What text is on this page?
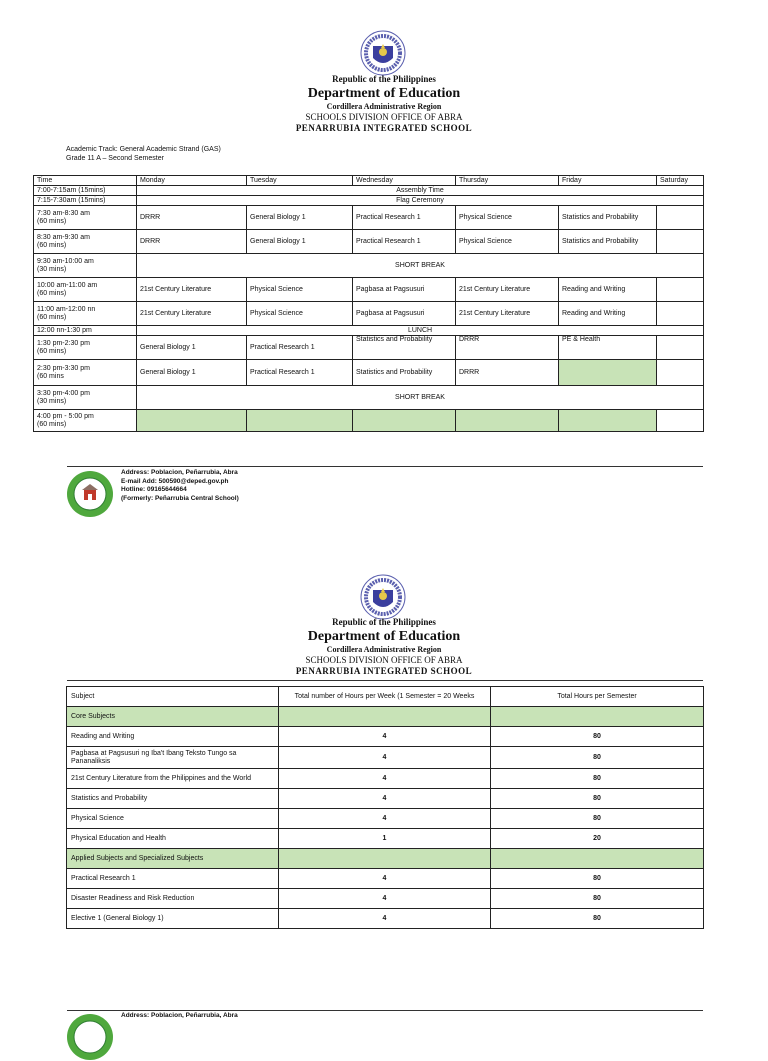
Republic of the Philippines
Department of Education
Cordillera Administrative Region
SCHOOLS DIVISION OFFICE OF ABRA
PENARRUBIA INTEGRATED SCHOOL
Academic Track: General Academic Strand (GAS)
Grade 11 A – Second Semester
Time	Monday	Tuesday	Wednesday	Thursday	Friday	Saturday

7:00-7:15am (15mins)	Assembly Time					

7:15-7:30am (15mins)	Flag Ceremony					

7:30 am-8:30 am
(60 mins)	DRRR	General Biology 1	Practical Research 1	Physical Science	Statistics and Probability	

8:30 am-9:30 am
(60 mins)	DRRR	General Biology 1	Practical Research 1	Physical Science	Statistics and Probability	

9:30 am-10:00 am
(30 mins)	SHORT BREAK					

10:00 am-11:00 am
(60 mins)	21st Century Literature	Physical Science	Pagbasa at Pagsusuri	21st Century Literature	Reading and Writing	

11:00 am-12:00 nn
(60 mins)	21st Century Literature	Physical Science	Pagbasa at Pagsusuri	21st Century Literature	Reading and Writing	

12:00 nn-1:30 pm	LUNCH					

1:30 pm-2:30 pm
(60 mins)	General Biology 1	Practical Research 1	Statistics and Probability	DRRR	PE & Health	

2:30 pm-3:30 pm
(60 mins	General Biology 1	Practical Research 1	Statistics and Probability	DRRR		

3:30 pm-4:00 pm
(30 mins)	SHORT BREAK					

4:00 pm - 5:00 pm
(60 mins)						

Address: Poblacion, Peñarrubia, Abra
E-mail Add: 500590@deped.gov.ph
Hotline: 09165644664
(Formerly: Peñarrubia Central School)
Republic of the Philippines
Department of Education
Cordillera Administrative Region
SCHOOLS DIVISION OFFICE OF ABRA
PENARRUBIA INTEGRATED SCHOOL
Subject	Total number of Hours per Week (1 Semester = 20 Weeks	Total Hours per Semester
Core Subjects		
Reading and Writing	4	80
Pagbasa at Pagsusuri ng Iba't Ibang Teksto Tungo sa Pananaliksis	4	80
21st Century Literature from the Philippines and the World	4	80
Statistics and Probability	4	80
Physical Science	4	80
Physical Education and Health	1	20
Applied Subjects and Specialized Subjects		
Practical Research 1	4	80
Disaster Readiness and Risk Reduction	4	80
Elective 1 (General Biology 1)	4	80
Address: Poblacion, Peñarrubia, Abra
